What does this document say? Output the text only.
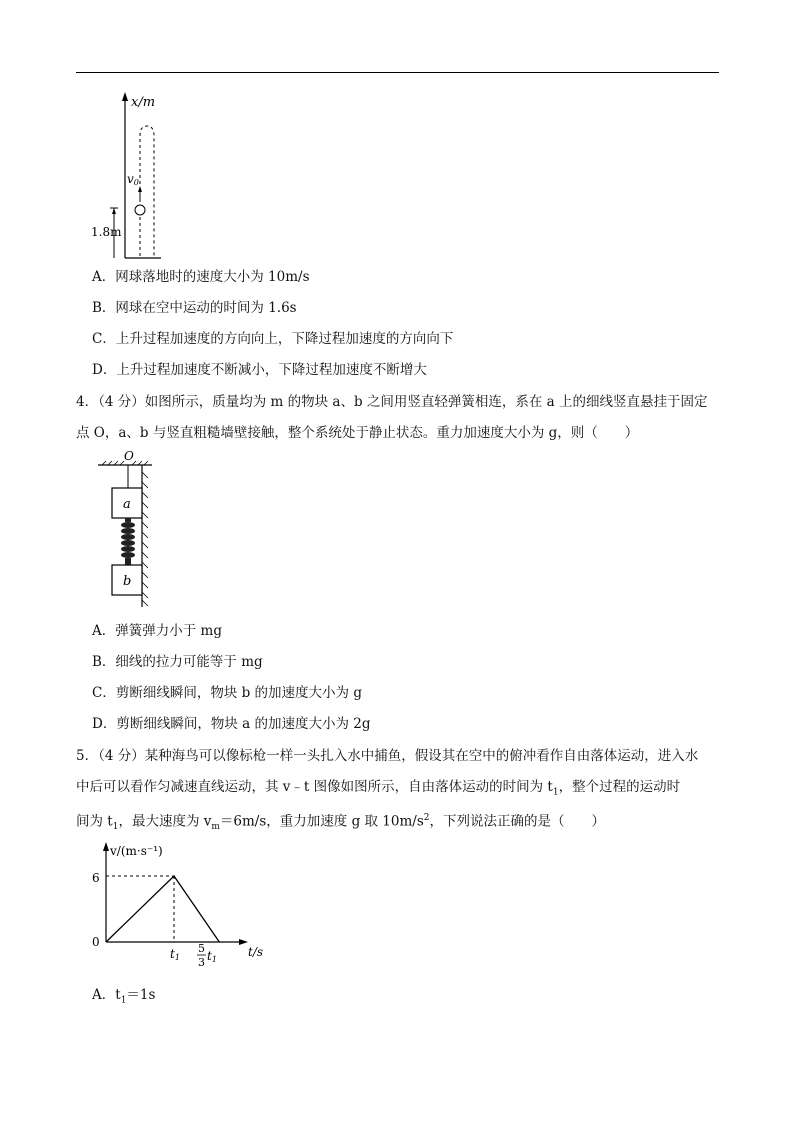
x/m
v0
1.8m
A．网球落地时的速度大小为 10m/s
B．网球在空中运动的时间为 1.6s
C．上升过程加速度的方向向上，下降过程加速度的方向向下
D．上升过程加速度不断减小，下降过程加速度不断增大
4．（4 分）如图所示，质量均为 m 的物块 a、b 之间用竖直轻弹簧相连，系在 a 上的细线竖直悬挂于固定
点 O，a、b 与竖直粗糙墙壁接触，整个系统处于静止状态。重力加速度大小为 g，则（　　）
O
a
b
A．弹簧弹力小于 mg
B．细线的拉力可能等于 mg
C．剪断细线瞬间，物块 b 的加速度大小为 g
D．剪断细线瞬间，物块 a 的加速度大小为 2g
5．（4 分）某种海鸟可以像标枪一样一头扎入水中捕鱼，假设其在空中的俯冲看作自由落体运动，进入水
中后可以看作匀减速直线运动，其 v﹣t 图像如图所示，自由落体运动的时间为 $t_1$，整个过程的运动时
间为 $t_1$，最大速度为 $v_m=6m/s$，重力加速度 g 取 $10m/s^2$，下列说法正确的是（　　）
v/(m·s⁻¹)
t/s
6
0
t1
5
3 t1
A．$t_1=1s$
